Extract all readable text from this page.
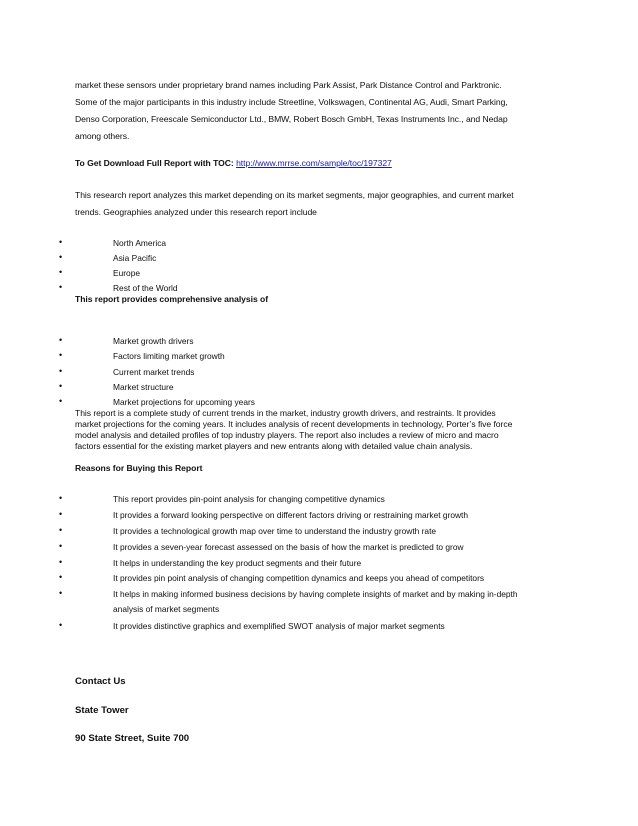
market these sensors under proprietary brand names including Park Assist, Park Distance Control and Parktronic.
Some of the major participants in this industry include Streetline, Volkswagen, Continental AG, Audi, Smart Parking,
Denso Corporation, Freescale Semiconductor Ltd., BMW, Robert Bosch GmbH, Texas Instruments Inc., and Nedap
among others.
To Get Download Full Report with TOC: http://www.mrrse.com/sample/toc/197327
This research report analyzes this market depending on its market segments, major geographies, and current market
trends. Geographies analyzed under this research report include
•	North America
•	Asia Pacific
•	Europe
•	Rest of the World
This report provides comprehensive analysis of
•	Market growth drivers
•	Factors limiting market growth
•	Current market trends
•	Market structure
•	Market projections for upcoming years
This report is a complete study of current trends in the market, industry growth drivers, and restraints. It provides
market projections for the coming years. It includes analysis of recent developments in technology, Porter’s five force
model analysis and detailed profiles of top industry players. The report also includes a review of micro and macro
factors essential for the existing market players and new entrants along with detailed value chain analysis.
Reasons for Buying this Report
•	This report provides pin-point analysis for changing competitive dynamics
•	It provides a forward looking perspective on different factors driving or restraining market growth
•	It provides a technological growth map over time to understand the industry growth rate
•	It provides a seven-year forecast assessed on the basis of how the market is predicted to grow
•	It helps in understanding the key product segments and their future
•	It provides pin point analysis of changing competition dynamics and keeps you ahead of competitors
•	It helps in making informed business decisions by having complete insights of market and by making in-depth
analysis of market segments
•	It provides distinctive graphics and exemplified SWOT analysis of major market segments
Contact Us
State Tower
90 State Street, Suite 700
